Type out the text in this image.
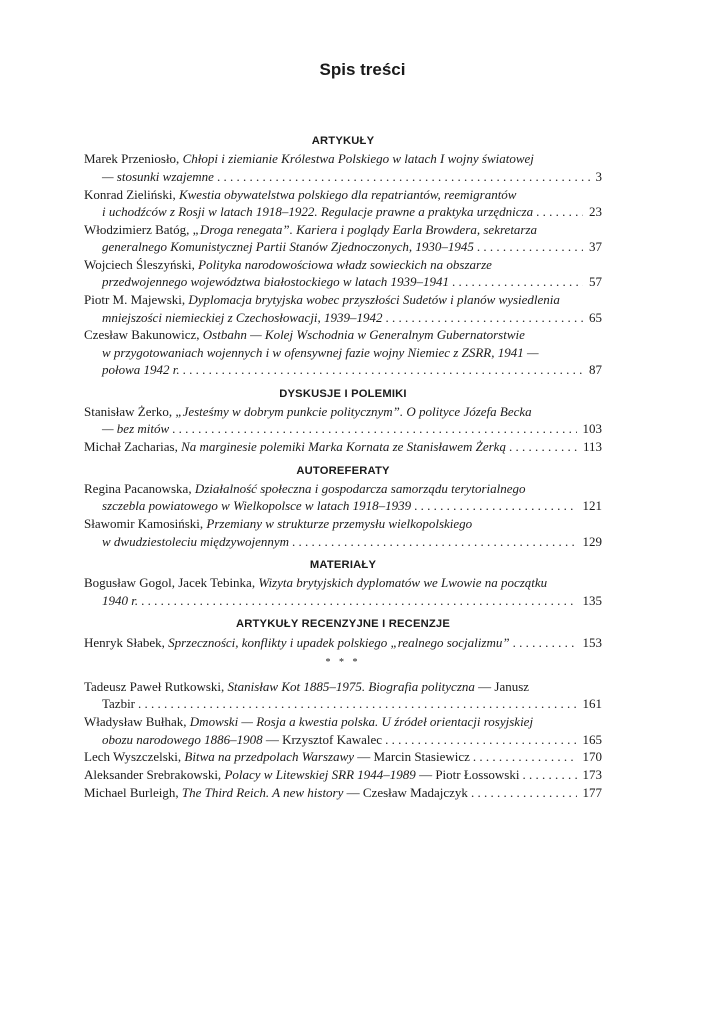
Spis treści
ARTYKUŁY
Marek Przeniosło, Chłopi i ziemianie Królestwa Polskiego w latach I wojny światowej
— stosunki wzajemne . . .	3
Konrad Zieliński, Kwestia obywatelstwa polskiego dla repatriantów, reemigrantów
i uchodźców z Rosji w latach 1918–1922. Regulacje prawne a praktyka urzędnicza . . .	23
Włodzimierz Batóg, „Droga renegata”. Kariera i poglądy Earla Browdera, sekretarza
generalnego Komunistycznej Partii Stanów Zjednoczonych, 1930–1945 . . .	37
Wojciech Śleszyński, Polityka narodowościowa władz sowieckich na obszarze
przedwojennego województwa białostockiego w latach 1939–1941 . . .	57
Piotr M. Majewski, Dyplomacja brytyjska wobec przyszłości Sudetów i planów wysiedlenia
mniejszości niemieckiej z Czechosłowacji, 1939–1942 . . .	65
Czesław Bakunowicz, Ostbahn — Kolej Wschodnia w Generalnym Gubernatorstwie
w przygotowaniach wojennych i w ofensywnej fazie wojny Niemiec z ZSRR, 1941 —
połowa 1942 r. . . .	87
DYSKUSJE I POLEMIKI
Stanisław Żerko, „Jesteśmy w dobrym punkcie politycznym”. O polityce Józefa Becka
— bez mitów . . .	103
Michał Zacharias, Na marginesie polemiki Marka Kornata ze Stanisławem Żerką . . .	113
AUTOREFERATY
Regina Pacanowska, Działalność społeczna i gospodarcza samorządu terytorialnego
szczebla powiatowego w Wielkopolsce w latach 1918–1939 . . .	121
Sławomir Kamosiński, Przemiany w strukturze przemysłu wielkopolskiego
w dwudziestoleciu międzywojennym . . .	129
MATERIAŁY
Bogusław Gogol, Jacek Tebinka, Wizyta brytyjskich dyplomatów we Lwowie na początku
1940 r. . . .	135
ARTYKUŁY RECENZYJNE I RECENZJE
Henryk Słabek, Sprzeczności, konflikty i upadek polskiego „realnego socjalizmu” . . .	153
* * *
Tadeusz Paweł Rutkowski, Stanisław Kot 1885–1975. Biografia polityczna — Janusz
Tazbir . . .	161
Władysław Bułhak, Dmowski — Rosja a kwestia polska. U źródeł orientacji rosyjskiej
obozu narodowego 1886–1908 — Krzysztof Kawalec . . .	165
Lech Wyszczelski, Bitwa na przedpolach Warszawy — Marcin Stasiewicz . . .	170
Aleksander Srebrakowski, Polacy w Litewskiej SRR 1944–1989 — Piotr Łossowski . . .	173
Michael Burleigh, The Third Reich. A new history — Czesław Madajczyk . . .	177
